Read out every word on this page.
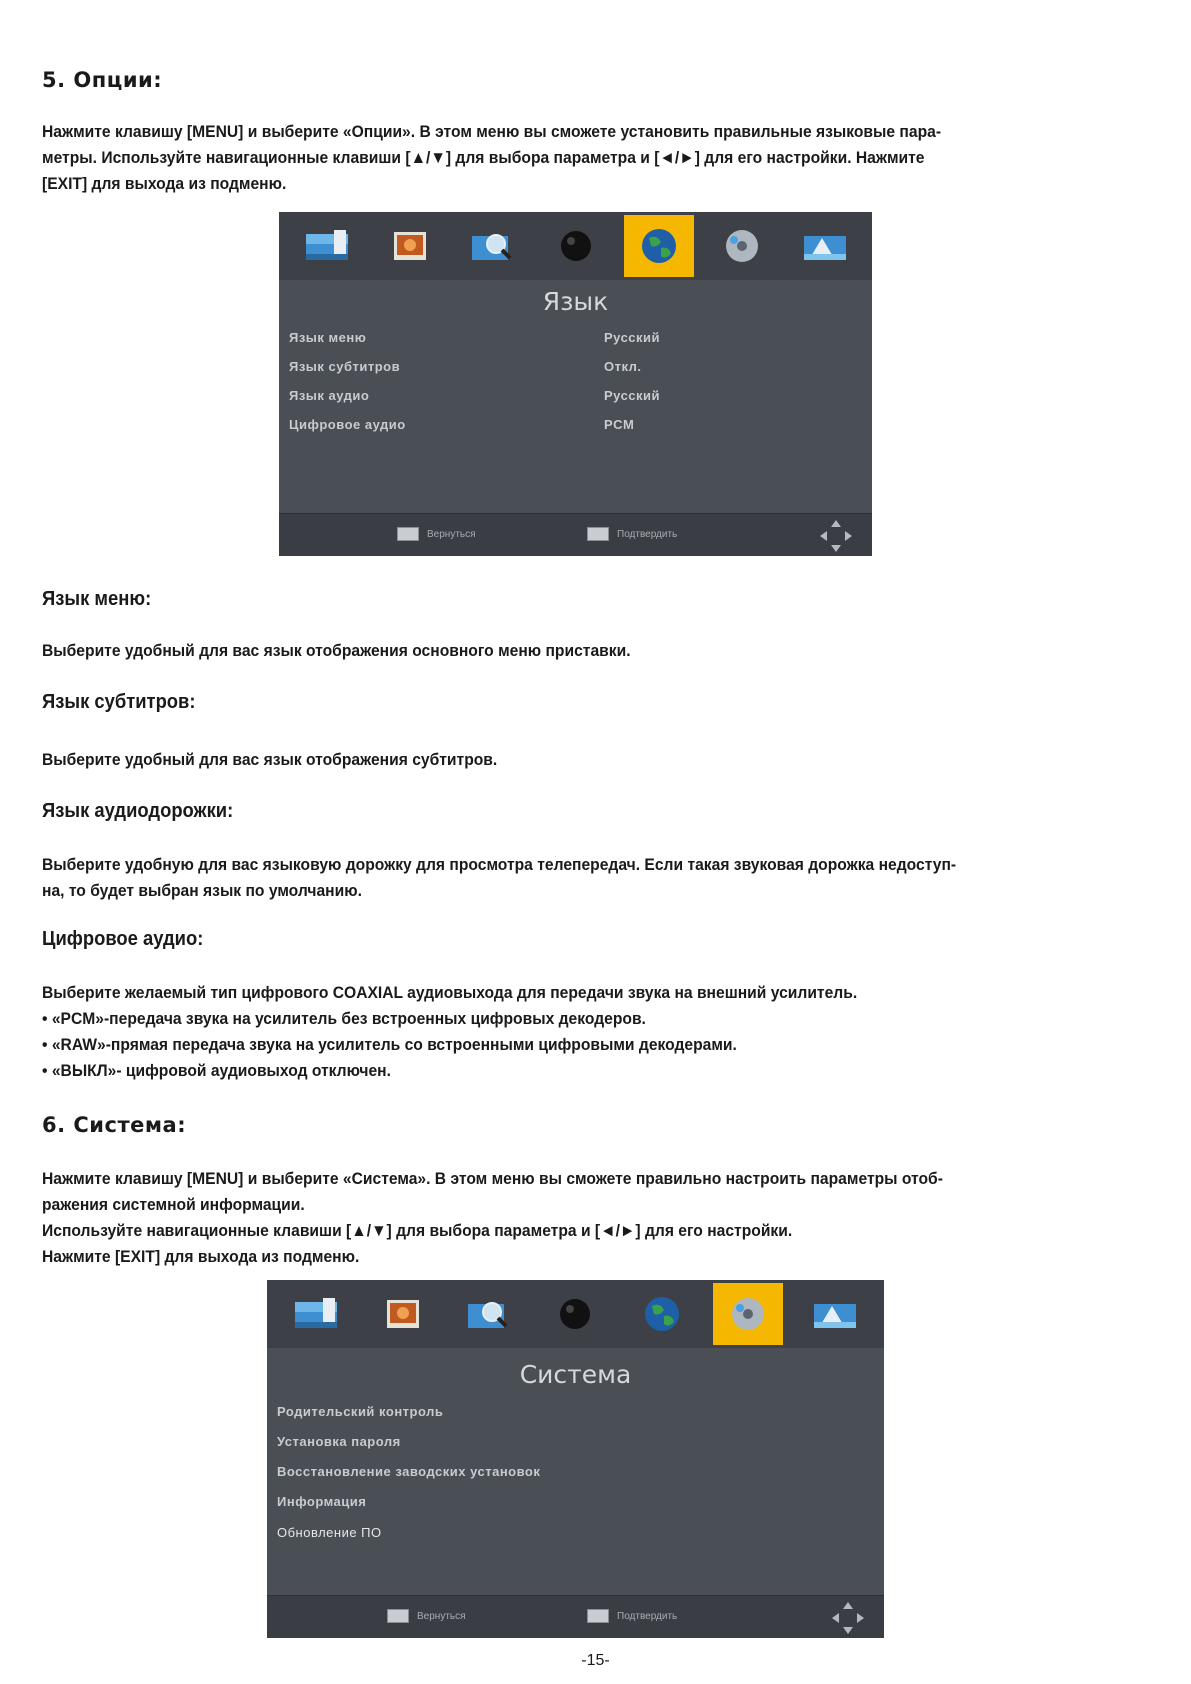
5. Опции:

Нажмите клавишу [MENU] и выберите «Опции». В этом меню вы сможете установить правильные языковые пара-
метры. Используйте навигационные клавиши [▲/▼] для выбора параметра и [◄/►] для его настройки. Нажмите
[EXIT] для выхода из подменю.

Язык
Язык меню	Русский
Язык субтитров	Откл.
Язык аудио	Русский
Цифровое аудио	PCM
Вернуться	Подтвердить
Язык меню:

Выберите удобный для вас язык отображения основного меню приставки.

Язык субтитров:

Выберите удобный для вас язык отображения субтитров.

Язык аудиодорожки:

Выберите удобную для вас языковую дорожку для просмотра телепередач. Если такая звуковая дорожка недоступ-
на, то будет выбран язык по умолчанию.

Цифровое аудио:

Выберите желаемый тип цифрового COAXIAL аудиовыхода для передачи звука на внешний усилитель.
• «PCM»-передача звука на усилитель без встроенных цифровых декодеров.
• «RAW»-прямая передача звука на усилитель со встроенными цифровыми декодерами.
• «ВЫКЛ»- цифровой аудиовыход отключен.

6. Система:

Нажмите клавишу [MENU] и выберите «Система». В этом меню вы сможете правильно настроить параметры отоб-
ражения системной информации.
Используйте навигационные клавиши [▲/▼] для выбора параметра и [◄/►] для его настройки.
Нажмите [EXIT] для выхода из подменю.

Система
Родительский контроль
Установка пароля
Восстановление заводских установок
Информация
Обновление ПО
Вернуться	Подтвердить
-15-
